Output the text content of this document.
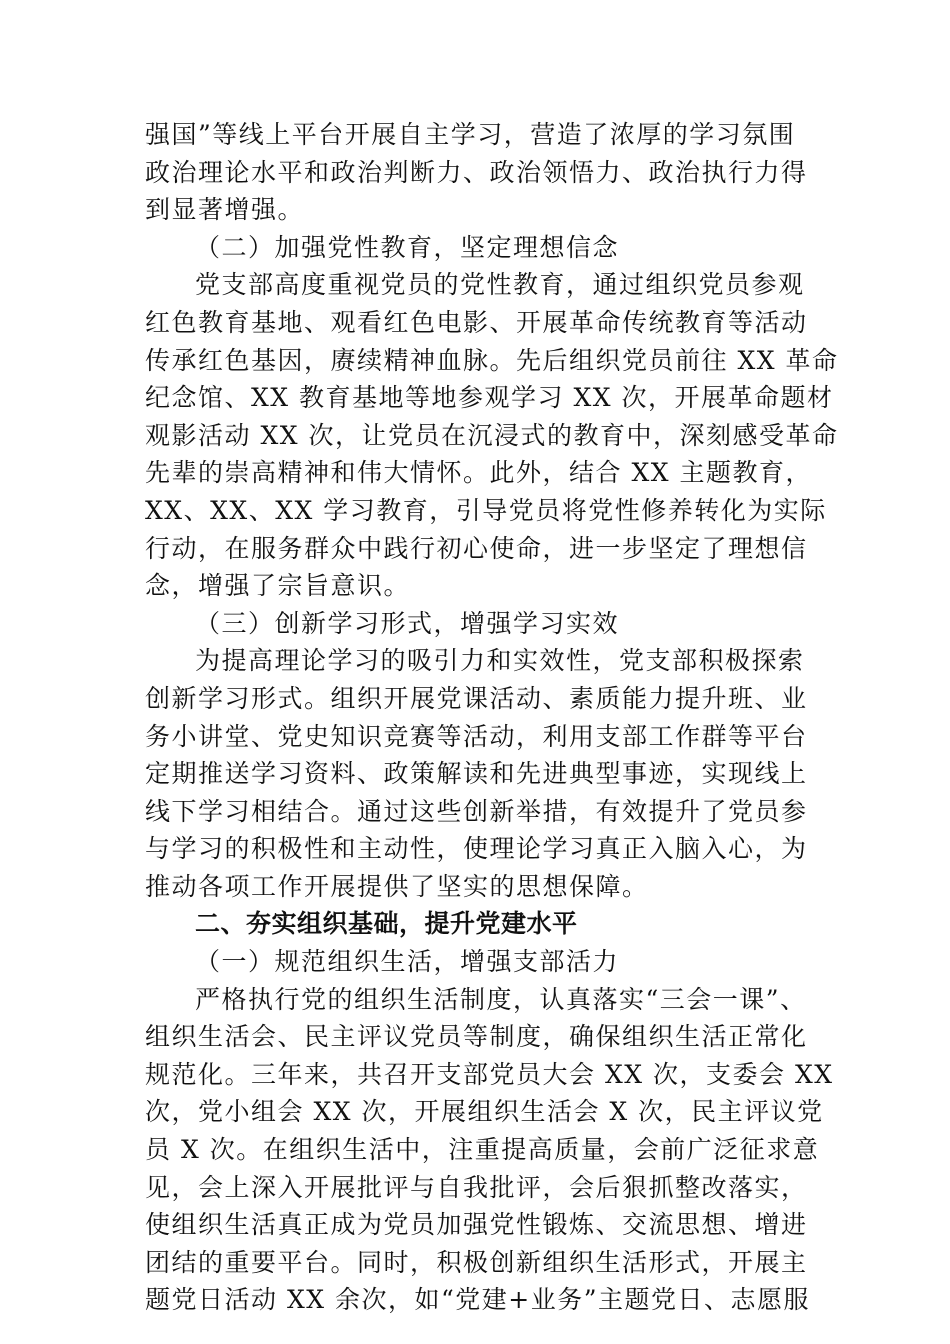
强国”等线上平台开展自主学习，营造了浓厚的学习氛围
政治理论水平和政治判断力、政治领悟力、政治执行力得
到显著增强。
（二）加强党性教育，坚定理想信念
党支部高度重视党员的党性教育，通过组织党员参观
红色教育基地、观看红色电影、开展革命传统教育等活动
传承红色基因，赓续精神血脉。先后组织党员前往 XX 革命
纪念馆、XX 教育基地等地参观学习 XX 次，开展革命题材
观影活动 XX 次，让党员在沉浸式的教育中，深刻感受革命
先辈的崇高精神和伟大情怀。此外，结合 XX 主题教育，
XX、XX、XX 学习教育，引导党员将党性修养转化为实际
行动，在服务群众中践行初心使命，进一步坚定了理想信
念，增强了宗旨意识。
（三）创新学习形式，增强学习实效
为提高理论学习的吸引力和实效性，党支部积极探索
创新学习形式。组织开展党课活动、素质能力提升班、业
务小讲堂、党史知识竞赛等活动，利用支部工作群等平台
定期推送学习资料、政策解读和先进典型事迹，实现线上
线下学习相结合。通过这些创新举措，有效提升了党员参
与学习的积极性和主动性，使理论学习真正入脑入心，为
推动各项工作开展提供了坚实的思想保障。
二、夯实组织基础，提升党建水平
（一）规范组织生活，增强支部活力
严格执行党的组织生活制度，认真落实“三会一课”、
组织生活会、民主评议党员等制度，确保组织生活正常化
规范化。三年来，共召开支部党员大会 XX 次，支委会 XX
次，党小组会 XX 次，开展组织生活会 X 次，民主评议党
员 X 次。在组织生活中，注重提高质量，会前广泛征求意
见，会上深入开展批评与自我批评，会后狠抓整改落实，
使组织生活真正成为党员加强党性锻炼、交流思想、增进
团结的重要平台。同时，积极创新组织生活形式，开展主
题党日活动 XX 余次，如“党建+业务”主题党日、志愿服
